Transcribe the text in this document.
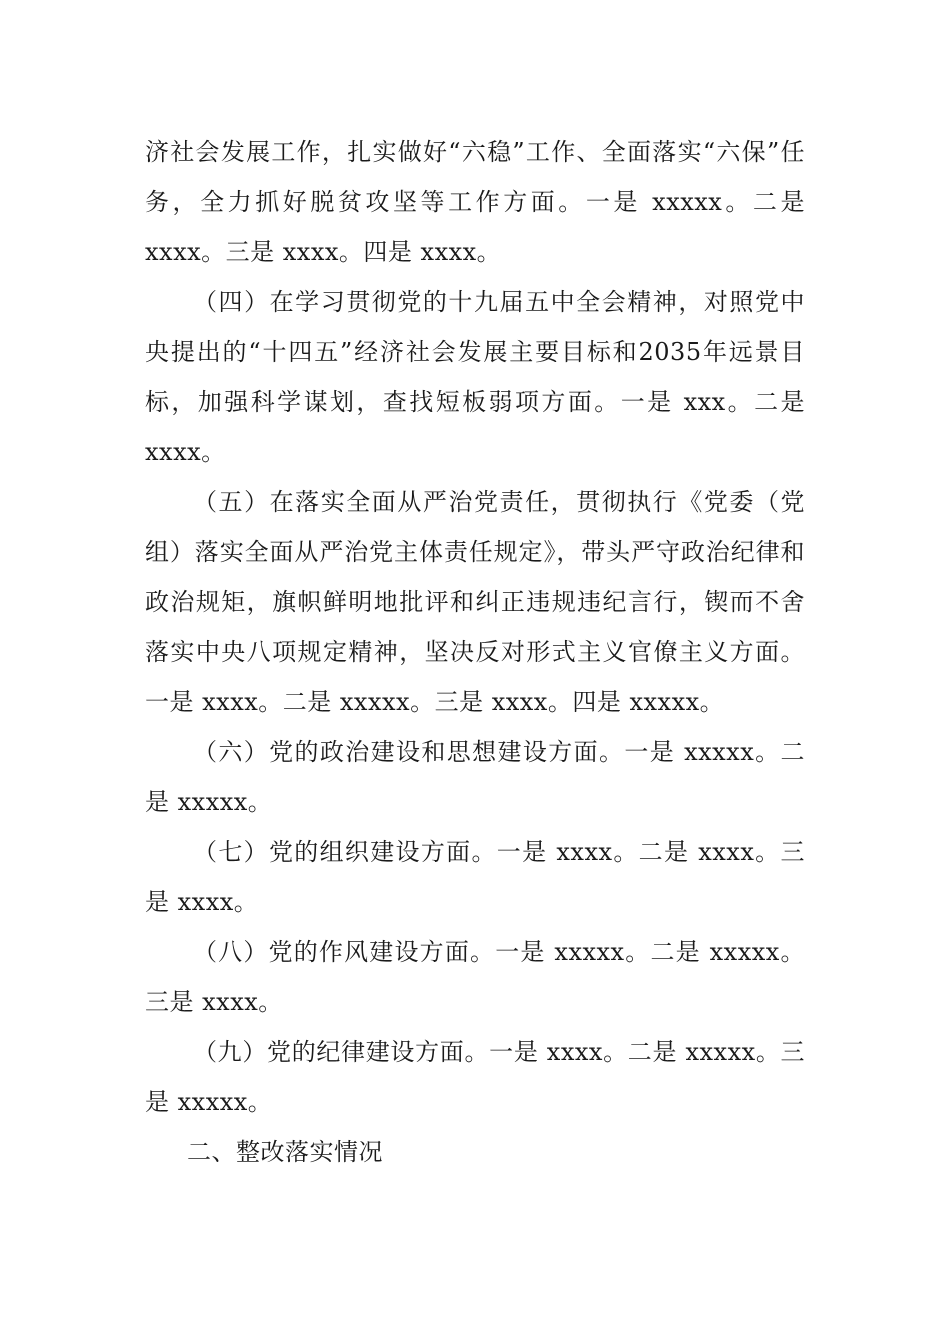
济社会发展工作，扎实做好“六稳”工作、全面落实“六保”任务，全力抓好脱贫攻坚等工作方面。一是 xxxxx。二是 xxxx。三是 xxxx。四是 xxxx。

（四）在学习贯彻党的十九届五中全会精神，对照党中央提出的“十四五”经济社会发展主要目标和2035年远景目标，加强科学谋划，查找短板弱项方面。一是 xxx。二是 xxxx。

（五）在落实全面从严治党责任，贯彻执行《党委（党组）落实全面从严治党主体责任规定》，带头严守政治纪律和政治规矩，旗帜鲜明地批评和纠正违规违纪言行，锲而不舍落实中央八项规定精神，坚决反对形式主义官僚主义方面。一是 xxxx。二是 xxxxx。三是 xxxx。四是 xxxxx。

（六）党的政治建设和思想建设方面。一是 xxxxx。二是 xxxxx。

（七）党的组织建设方面。一是 xxxx。二是 xxxx。三是 xxxx。

（八）党的作风建设方面。一是 xxxxx。二是 xxxxx。三是 xxxx。

（九）党的纪律建设方面。一是 xxxx。二是 xxxxx。三是 xxxxx。

二、整改落实情况
